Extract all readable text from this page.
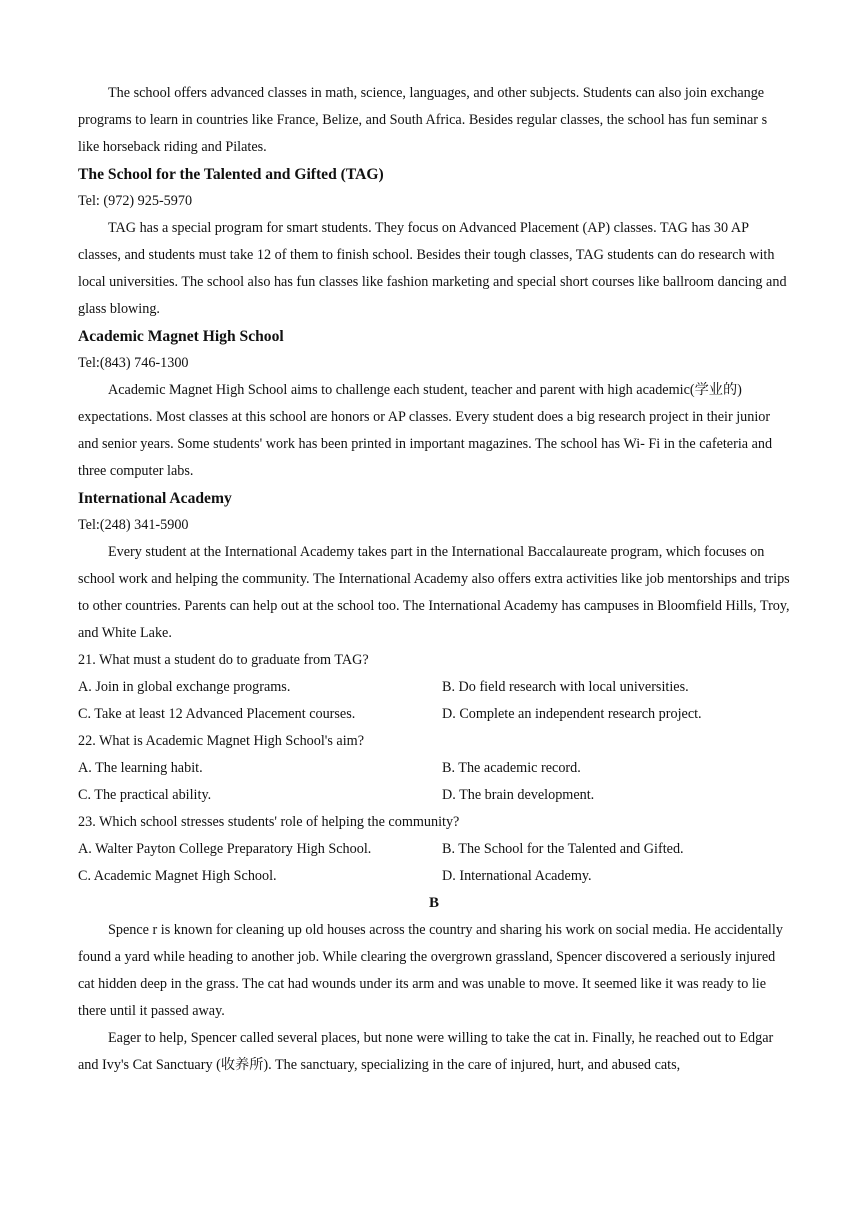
The school offers advanced classes in math, science, languages, and other subjects. Students can also join exchange programs to learn in countries like France, Belize, and South Africa. Besides regular classes, the school has fun seminar s like horseback riding and Pilates.

The School for the Talented and Gifted (TAG)

Tel: (972) 925-5970

TAG has a special program for smart students. They focus on Advanced Placement (AP) classes. TAG has 30 AP classes, and students must take 12 of them to finish school. Besides their tough classes, TAG students can do research with local universities. The school also has fun classes like fashion marketing and special short courses like ballroom dancing and glass blowing.

Academic Magnet High School

Tel:(843) 746-1300

Academic Magnet High School aims to challenge each student, teacher and parent with high academic(学业的) expectations. Most classes at this school are honors or AP classes. Every student does a big research project in their junior and senior years. Some students' work has been printed in important magazines. The school has Wi- Fi in the cafeteria and three computer labs.

International Academy

Tel:(248) 341-5900

Every student at the International Academy takes part in the International Baccalaureate program, which focuses on school work and helping the community. The International Academy also offers extra activities like job mentorships and trips to other countries. Parents can help out at the school too. The International Academy has campuses in Bloomfield Hills, Troy, and White Lake.

21. What must a student do to graduate from TAG?

A. Join in global exchange programs.	B. Do field research with local universities.
C. Take at least 12 Advanced Placement courses.	D. Complete an independent research project.

22. What is Academic Magnet High School's aim?

A. The learning habit.	B. The academic record.
C. The practical ability.	D. The brain development.

23. Which school stresses students' role of helping the community?

A. Walter Payton College Preparatory High School.	B. The School for the Talented and Gifted.
C. Academic Magnet High School.	D. International Academy.

B

Spence r is known for cleaning up old houses across the country and sharing his work on social media. He accidentally found a yard while heading to another job. While clearing the overgrown grassland, Spencer discovered a seriously injured cat hidden deep in the grass. The cat had wounds under its arm and was unable to move. It seemed like it was ready to lie there until it passed away.

Eager to help, Spencer called several places, but none were willing to take the cat in. Finally, he reached out to Edgar and Ivy's Cat Sanctuary (收养所). The sanctuary, specializing in the care of injured, hurt, and abused cats,
